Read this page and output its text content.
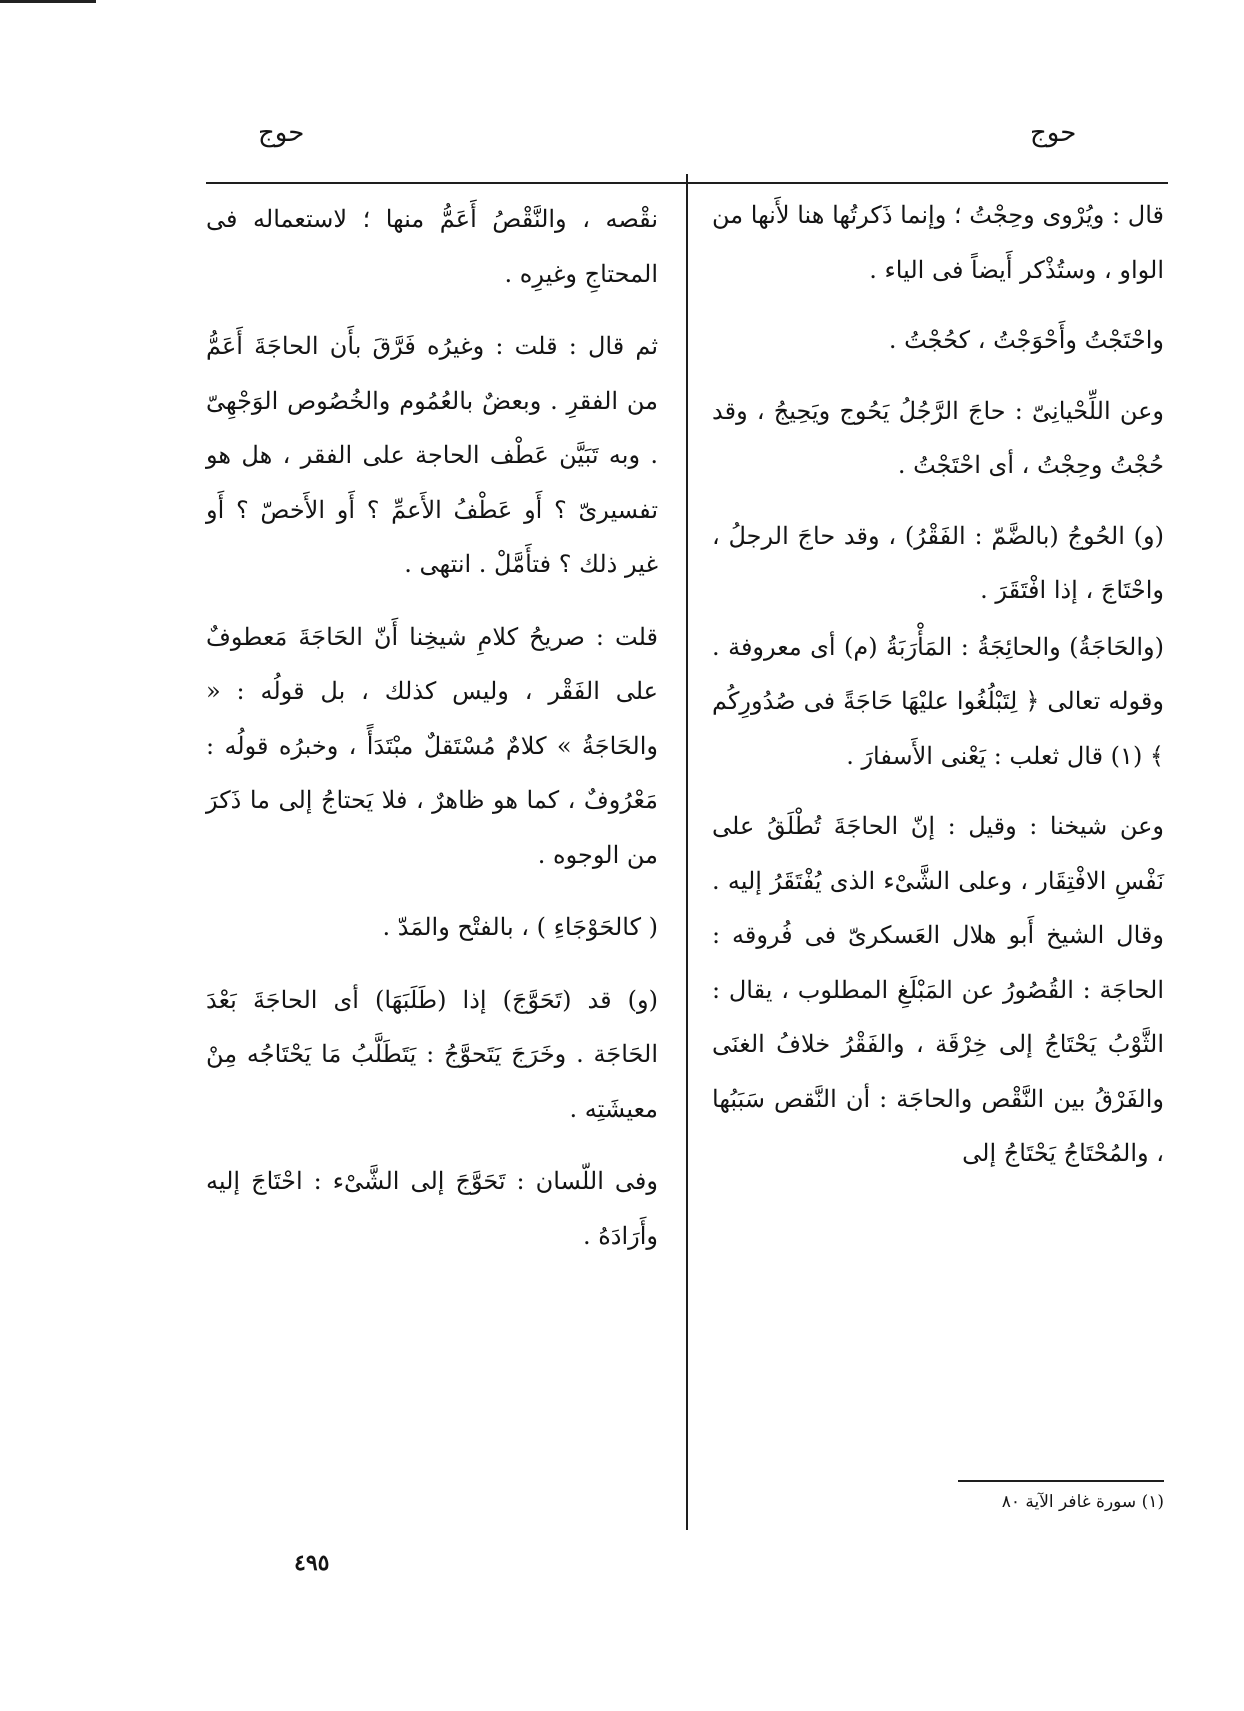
حوج
حوج

قال : ويُرْوى وحِجْتُ ؛ وإنما ذَكرتُها هنا لأَنها من الواو ، وستُذْكر أَيضاً فى الياء .

واحْتَجْتُ وأَحْوَجْتُ ، كحُجْتُ .

وعن اللِّحْيانِىّ : حاجَ الرَّجُلُ يَحُوج ويَحِيجُ ، وقد حُجْتُ وحِجْتُ ، أى احْتَجْتُ .

(و) الحُوجُ (بالضَّمّ : الفَقْرُ) ، وقد حاجَ الرجلُ ، واحْتَاجَ ، إذا افْتَقَرَ .

(والحَاجَةُ) والحائِجَةُ : المَأْرَبَةُ (م) أى معروفة . وقوله تعالى ﴿ لِتَبْلُغُوا عليْهَا حَاجَةً فى صُدُورِكُم ﴾ (١) قال ثعلب : يَعْنى الأَسفارَ .

وعن شيخنا : وقيل : إنّ الحاجَةَ تُطْلَقُ على نَفْسِ الافْتِقَار ، وعلى الشَّىْء الذى يُفْتَقَرُ إليه . وقال الشيخ أَبو هلال العَسكرىّ فى فُروقه : الحاجَة : القُصُورُ عن المَبْلَغِ المطلوب ، يقال : الثَّوْبُ يَحْتَاجُ إلى خِرْقَة ، والفَقْرُ خلافُ الغنَى والفَرْقُ بين النَّقْص والحاجَة : أن النَّقص سَبَبُها ، والمُحْتَاجُ يَحْتَاجُ إلى

نقْصه ، والنَّقْصُ أَعَمُّ منها ؛ لاستعماله فى المحتاجِ وغيرِه .

ثم قال : قلت : وغيرُه فَرَّقَ بأَن الحاجَةَ أَعَمُّ من الفقرِ . وبعضٌ بالعُمُوم والخُصُوص الوَجْهِىّ . وبه تَبَيَّن عَطْف الحاجة على الفقر ، هل هو تفسيرىّ ؟ أَو عَطْفُ الأَعمِّ ؟ أَو الأَخصّ ؟ أَو غير ذلك ؟ فتأَمَّلْ . انتهى .

قلت : صريحُ كلامِ شيخِنا أَنّ الحَاجَةَ مَعطوفٌ على الفَقْر ، وليس كذلك ، بل قولُه : « والحَاجَةُ » كلامٌ مُسْتَقلٌ مبْتَدَأً ، وخبرُه قولُه : مَعْرُوفٌ ، كما هو ظاهرٌ ، فلا يَحتاجُ إلى ما ذَكرَ من الوجوه .

( كالحَوْجَاءِ ) ، بالفتْح والمَدّ .

(و) قد (تَحَوَّجَ) إذا (طَلَبَهَا) أى الحاجَةَ بَعْدَ الحَاجَة . وخَرَجَ يَتَحوَّجُ : يَتَطَلَّبُ مَا يَحْتَاجُه مِنْ معيشَتِه .

وفى اللّسان : تَحَوَّجَ إلى الشَّىْء : احْتَاجَ إليه وأَرَادَهُ .

(١) سورة غافر الآية ٨٠
٤٩٥
